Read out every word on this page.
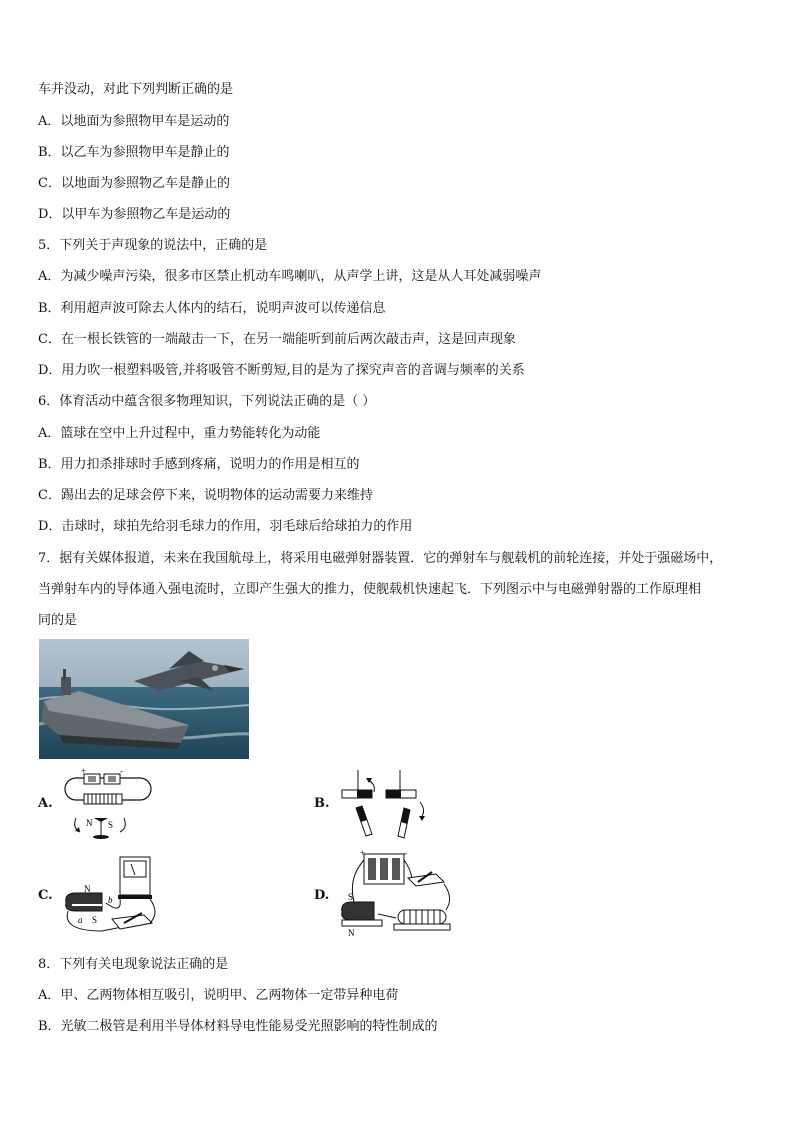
车并没动，对此下列判断正确的是
A．以地面为参照物甲车是运动的
B．以乙车为参照物甲车是静止的
C．以地面为参照物乙车是静止的
D．以甲车为参照物乙车是运动的
5．下列关于声现象的说法中，正确的是
A．为减少噪声污染，很多市区禁止机动车鸣喇叭，从声学上讲，这是从人耳处减弱噪声
B．利用超声波可除去人体内的结石，说明声波可以传递信息
C．在一根长铁管的一端敲击一下，在另一端能听到前后两次敲击声，这是回声现象
D．用力吹一根塑料吸管,并将吸管不断剪短,目的是为了探究声音的音调与频率的关系
6．体育活动中蕴含很多物理知识，下列说法正确的是（ ）
A．篮球在空中上升过程中，重力势能转化为动能
B．用力扣杀排球时手感到疼痛，说明力的作用是相互的
C．踢出去的足球会停下来，说明物体的运动需要力来维持
D．击球时，球拍先给羽毛球力的作用，羽毛球后给球拍力的作用
7．据有关媒体报道，未来在我国航母上，将采用电磁弹射器装置．它的弹射车与舰载机的前轮连接，并处于强磁场中，
当弹射车内的导体通入强电流时，立即产生强大的推力，使舰载机快速起飞．下列图示中与电磁弹射器的工作原理相
同的是
A.
+	-
N S
B.
C.	N
S
a
b	D.
+	-
S
N
8．下列有关电现象说法正确的是
A．甲、乙两物体相互吸引，说明甲、乙两物体一定带异种电荷
B．光敏二极管是利用半导体材料导电性能易受光照影响的特性制成的
